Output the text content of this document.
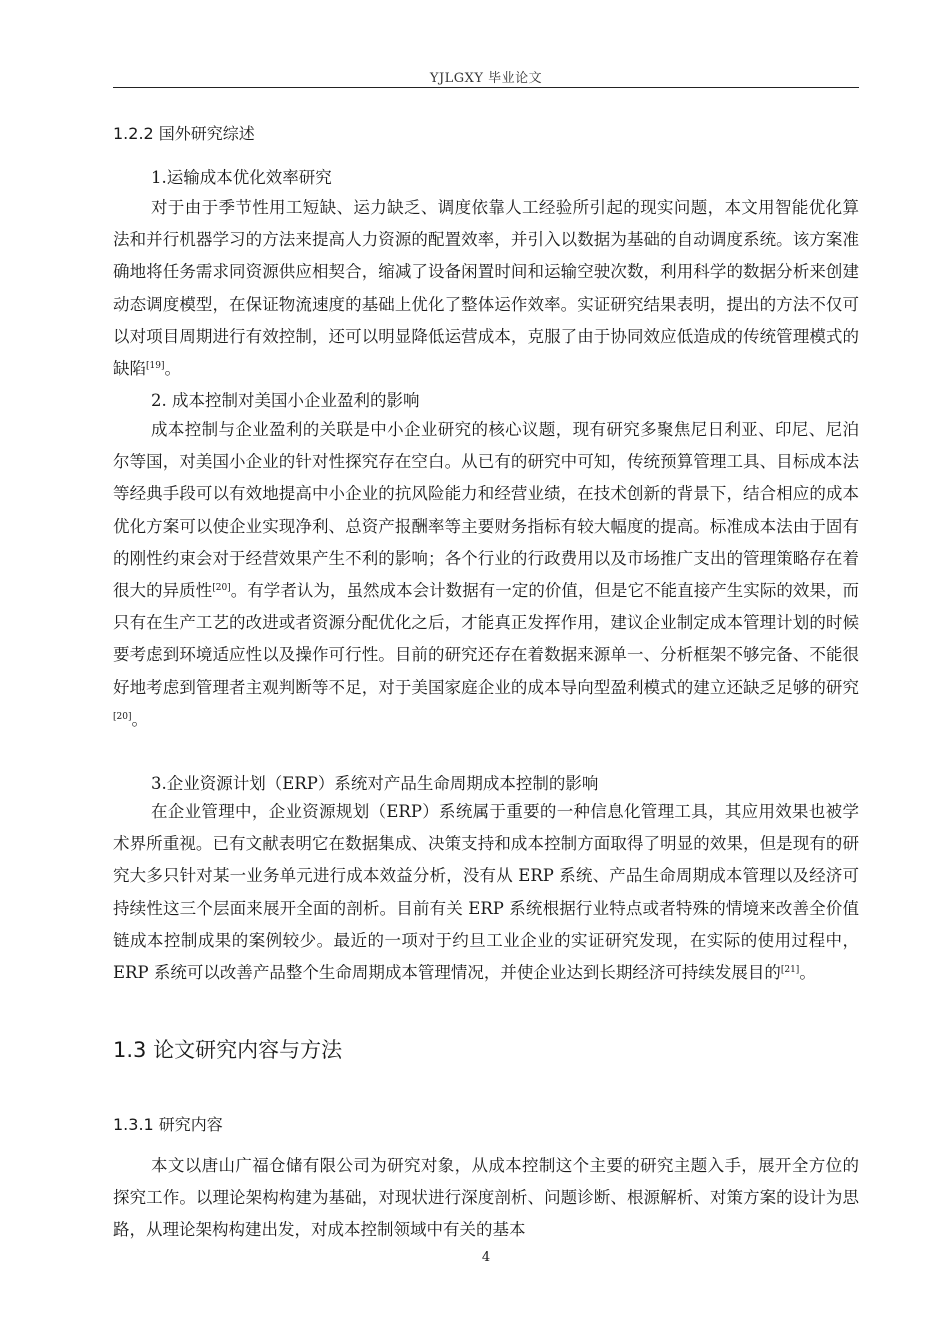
YJLGXY 毕业论文
1.2.2 国外研究综述
1.运输成本优化效率研究

对于由于季节性用工短缺、运力缺乏、调度依靠人工经验所引起的现实问题，本文用智能优化算法和并行机器学习的方法来提高人力资源的配置效率，并引入以数据为基础的自动调度系统。该方案准确地将任务需求同资源供应相契合，缩减了设备闲置时间和运输空驶次数，利用科学的数据分析来创建动态调度模型，在保证物流速度的基础上优化了整体运作效率。实证研究结果表明，提出的方法不仅可以对项目周期进行有效控制，还可以明显降低运营成本，克服了由于协同效应低造成的传统管理模式的缺陷[19]。

2. 成本控制对美国小企业盈利的影响

成本控制与企业盈利的关联是中小企业研究的核心议题，现有研究多聚焦尼日利亚、印尼、尼泊尔等国，对美国小企业的针对性探究存在空白。从已有的研究中可知，传统预算管理工具、目标成本法等经典手段可以有效地提高中小企业的抗风险能力和经营业绩，在技术创新的背景下，结合相应的成本优化方案可以使企业实现净利、总资产报酬率等主要财务指标有较大幅度的提高。标准成本法由于固有的刚性约束会对于经营效果产生不利的影响；各个行业的行政费用以及市场推广支出的管理策略存在着很大的异质性[20]。有学者认为，虽然成本会计数据有一定的价值，但是它不能直接产生实际的效果，而只有在生产工艺的改进或者资源分配优化之后，才能真正发挥作用，建议企业制定成本管理计划的时候要考虑到环境适应性以及操作可行性。目前的研究还存在着数据来源单一、分析框架不够完备、不能很好地考虑到管理者主观判断等不足，对于美国家庭企业的成本导向型盈利模式的建立还缺乏足够的研究[20]。

3.企业资源计划（ERP）系统对产品生命周期成本控制的影响

在企业管理中，企业资源规划（ERP）系统属于重要的一种信息化管理工具，其应用效果也被学术界所重视。已有文献表明它在数据集成、决策支持和成本控制方面取得了明显的效果，但是现有的研究大多只针对某一业务单元进行成本效益分析，没有从 ERP 系统、产品生命周期成本管理以及经济可持续性这三个层面来展开全面的剖析。目前有关 ERP 系统根据行业特点或者特殊的情境来改善全价值链成本控制成果的案例较少。最近的一项对于约旦工业企业的实证研究发现，在实际的使用过程中，ERP 系统可以改善产品整个生命周期成本管理情况，并使企业达到长期经济可持续发展目的[21]。

1.3 论文研究内容与方法
1.3.1 研究内容

本文以唐山广福仓储有限公司为研究对象，从成本控制这个主要的研究主题入手，展开全方位的探究工作。以理论架构构建为基础，对现状进行深度剖析、问题诊断、根源解析、对策方案的设计为思路，从理论架构构建出发，对成本控制领域中有关的基本

4
